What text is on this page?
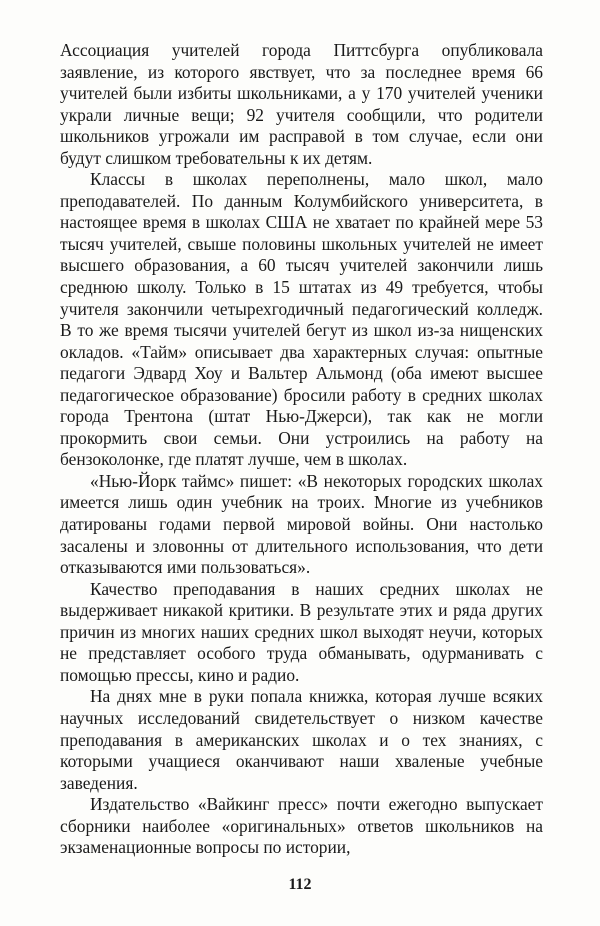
Ассоциация учителей города Питтсбурга опубликовала заявление, из которого явствует, что за последнее время 66 учителей были избиты школьниками, а у 170 учителей ученики украли личные вещи; 92 учителя сообщили, что родители школьников угрожали им расправой в том случае, если они будут слишком требовательны к их детям.

Классы в школах переполнены, мало школ, мало преподавателей. По данным Колумбийского университета, в настоящее время в школах США не хватает по крайней мере 53 тысяч учителей, свыше половины школьных учителей не имеет высшего образования, а 60 тысяч учителей закончили лишь среднюю школу. Только в 15 штатах из 49 требуется, чтобы учителя закончили четырехгодичный педагогический колледж. В то же время тысячи учителей бегут из школ из-за нищенских окладов. «Тайм» описывает два характерных случая: опытные педагоги Эдвард Хоу и Вальтер Альмонд (оба имеют высшее педагогическое образование) бросили работу в средних школах города Трентона (штат Нью-Джерси), так как не могли прокормить свои семьи. Они устроились на работу на бензоколонке, где платят лучше, чем в школах.

«Нью-Йорк таймс» пишет: «В некоторых городских школах имеется лишь один учебник на троих. Многие из учебников датированы годами первой мировой войны. Они настолько засалены и зловонны от длительного использования, что дети отказываются ими пользоваться».

Качество преподавания в наших средних школах не выдерживает никакой критики. В результате этих и ряда других причин из многих наших средних школ выходят неучи, которых не представляет особого труда обманывать, одурманивать с помощью прессы, кино и радио.

На днях мне в руки попала книжка, которая лучше всяких научных исследований свидетельствует о низком качестве преподавания в американских школах и о тех знаниях, с которыми учащиеся оканчивают наши хваленые учебные заведения.

Издательство «Вайкинг пресс» почти ежегодно выпускает сборники наиболее «оригинальных» ответов школьников на экзаменационные вопросы по истории,

112
